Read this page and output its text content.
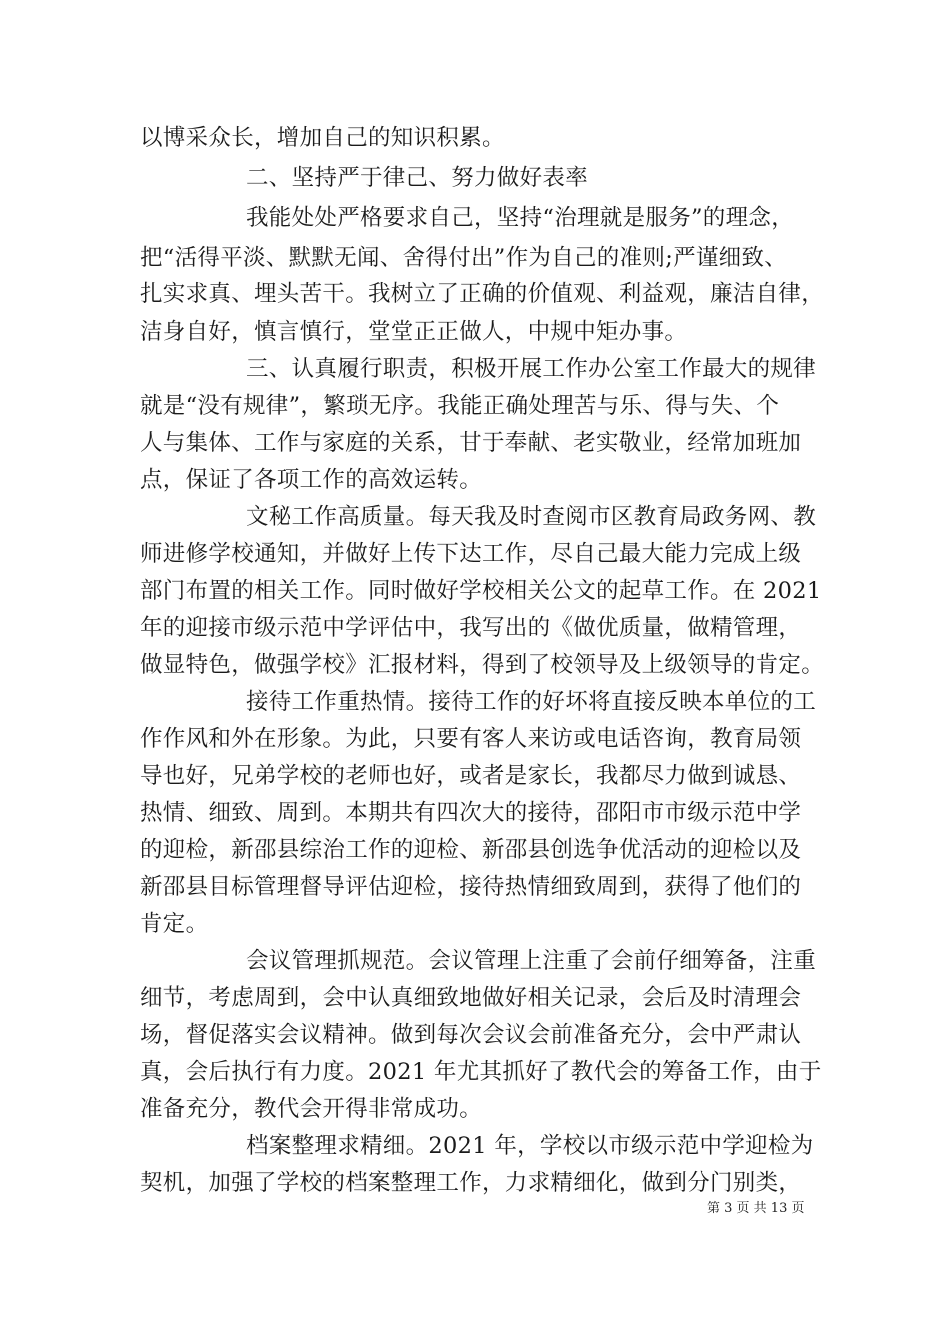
以博采众长，增加自己的知识积累。
二、坚持严于律己、努力做好表率
我能处处严格要求自己，坚持“治理就是服务”的理念，
把“活得平淡、默默无闻、舍得付出”作为自己的准则;严谨细致、
扎实求真、埋头苦干。我树立了正确的价值观、利益观，廉洁自律，
洁身自好，慎言慎行，堂堂正正做人，中规中矩办事。
三、认真履行职责，积极开展工作办公室工作最大的规律
就是“没有规律”，繁琐无序。我能正确处理苦与乐、得与失、个
人与集体、工作与家庭的关系，甘于奉献、老实敬业，经常加班加
点，保证了各项工作的高效运转。
文秘工作高质量。每天我及时查阅市区教育局政务网、教
师进修学校通知，并做好上传下达工作，尽自己最大能力完成上级
部门布置的相关工作。同时做好学校相关公文的起草工作。在 2021
年的迎接市级示范中学评估中，我写出的《做优质量，做精管理，
做显特色，做强学校》汇报材料，得到了校领导及上级领导的肯定。
接待工作重热情。接待工作的好坏将直接反映本单位的工
作作风和外在形象。为此，只要有客人来访或电话咨询，教育局领
导也好，兄弟学校的老师也好，或者是家长，我都尽力做到诚恳、
热情、细致、周到。本期共有四次大的接待，邵阳市市级示范中学
的迎检，新邵县综治工作的迎检、新邵县创选争优活动的迎检以及
新邵县目标管理督导评估迎检，接待热情细致周到，获得了他们的
肯定。
会议管理抓规范。会议管理上注重了会前仔细筹备，注重
细节，考虑周到，会中认真细致地做好相关记录，会后及时清理会
场，督促落实会议精神。做到每次会议会前准备充分，会中严肃认
真，会后执行有力度。2021 年尤其抓好了教代会的筹备工作，由于
准备充分，教代会开得非常成功。
档案整理求精细。2021 年，学校以市级示范中学迎检为
契机，加强了学校的档案整理工作，力求精细化，做到分门别类，
第 3 页 共 13 页
